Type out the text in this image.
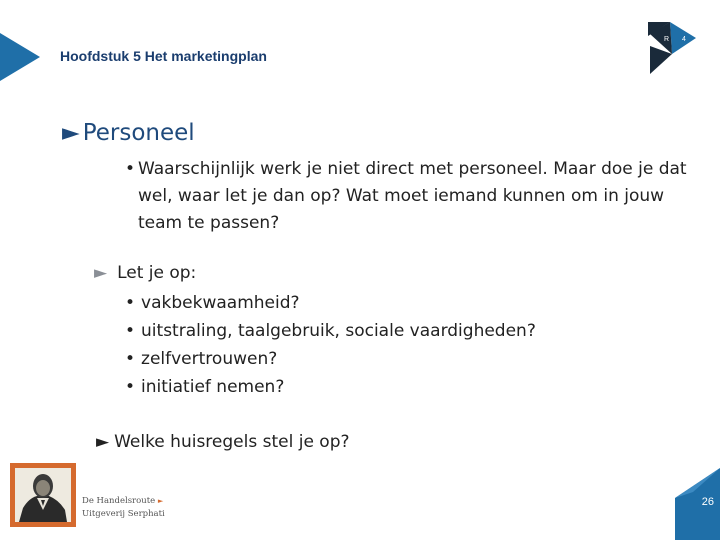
Hoofdstuk 5 Het marketingplan
R 4
► Personeel
• Waarschijnlijk werk je niet direct met personeel. Maar doe je dat wel, waar let je dan op? Wat moet iemand kunnen om in jouw team te passen?
► Let je op:
• vakbekwaamheid?
• uitstraling, taalgebruik, sociale vaardigheden?
• zelfvertrouwen?
• initiatief nemen?
► Welke huisregels stel je op?
De Handelsroute ►
Uitgeverij Serphati
26
